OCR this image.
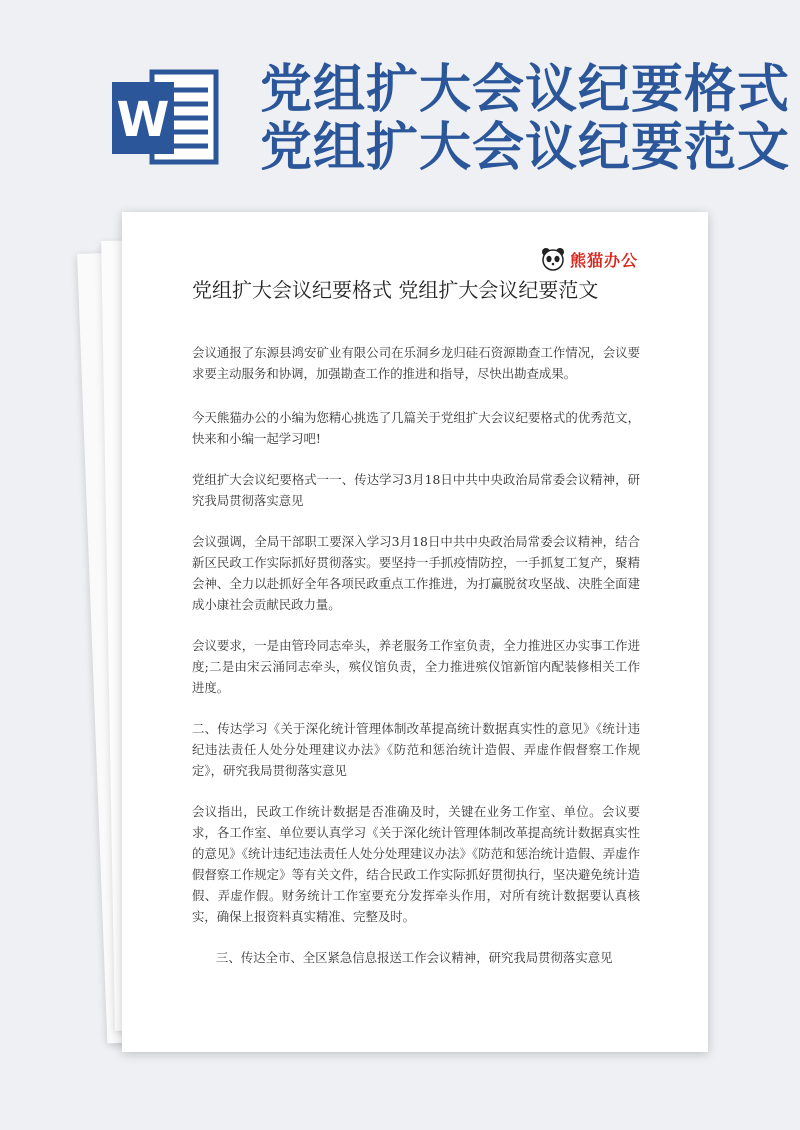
W 党组扩大会议纪要格式
党组扩大会议纪要范文
熊猫办公
党组扩大会议纪要格式 党组扩大会议纪要范文

会议通报了东源县鸿安矿业有限公司在乐洞乡龙归硅石资源勘查工作情况，会议要求要主动服务和协调，加强勘查工作的推进和指导，尽快出勘查成果。

今天熊猫办公的小编为您精心挑选了几篇关于党组扩大会议纪要格式的优秀范文，快来和小编一起学习吧!

党组扩大会议纪要格式一一、传达学习3月18日中共中央政治局常委会议精神，研究我局贯彻落实意见

会议强调，全局干部职工要深入学习3月18日中共中央政治局常委会议精神，结合新区民政工作实际抓好贯彻落实。要坚持一手抓疫情防控，一手抓复工复产，聚精会神、全力以赴抓好全年各项民政重点工作推进，为打赢脱贫攻坚战、决胜全面建成小康社会贡献民政力量。

会议要求，一是由管玲同志牵头，养老服务工作室负责，全力推进区办实事工作进度;二是由宋云涌同志牵头，殡仪馆负责，全力推进殡仪馆新馆内配装修相关工作进度。

二、传达学习《关于深化统计管理体制改革提高统计数据真实性的意见》《统计违纪违法责任人处分处理建议办法》《防范和惩治统计造假、弄虚作假督察工作规定》，研究我局贯彻落实意见

会议指出，民政工作统计数据是否准确及时，关键在业务工作室、单位。会议要求，各工作室、单位要认真学习《关于深化统计管理体制改革提高统计数据真实性的意见》《统计违纪违法责任人处分处理建议办法》《防范和惩治统计造假、弄虚作假督察工作规定》等有关文件，结合民政工作实际抓好贯彻执行，坚决避免统计造假、弄虚作假。财务统计工作室要充分发挥牵头作用，对所有统计数据要认真核实，确保上报资料真实精准、完整及时。

三、传达全市、全区紧急信息报送工作会议精神，研究我局贯彻落实意见
